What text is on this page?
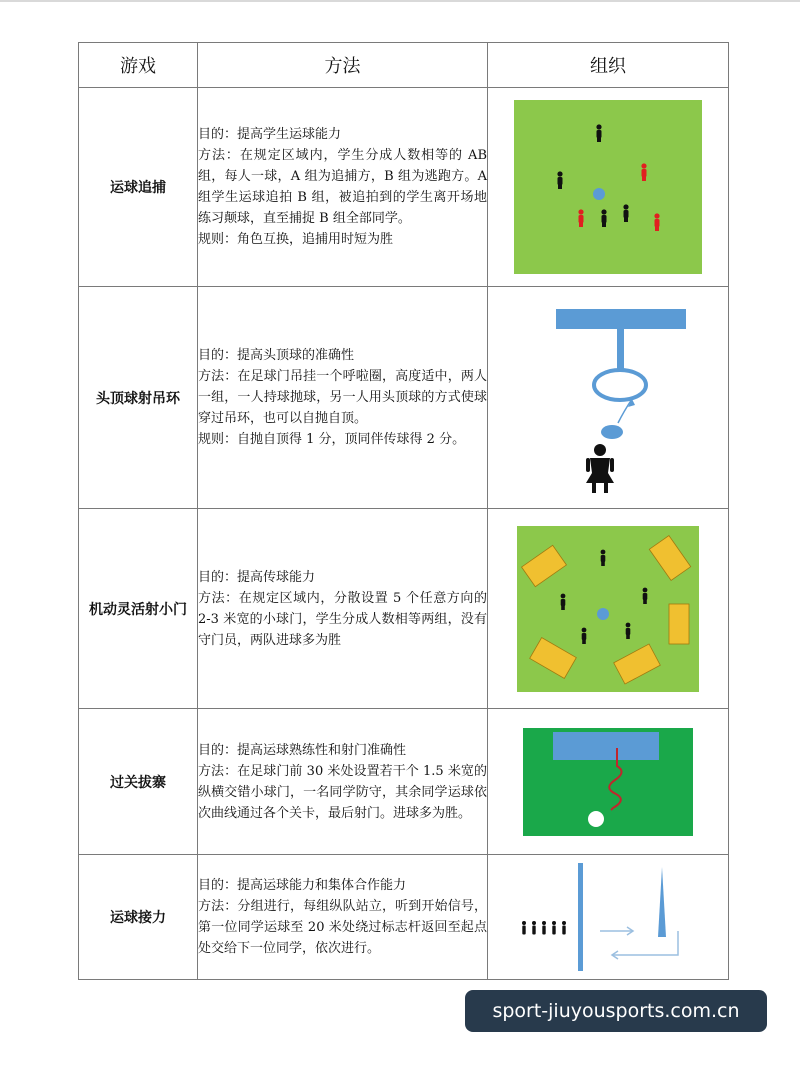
游戏	方法	组织
运球追捕	目的：提高学生运球能力

方法：在规定区域内，学生分成人数相等的 AB 组，每人一球，A 组为追捕方，B 组为逃跑方。A 组学生运球追拍 B 组，被追拍到的学生离开场地练习颠球，直至捕捉 B 组全部同学。

规则：角色互换，追捕用时短为胜

头顶球射吊环	目的：提高头顶球的准确性

方法：在足球门吊挂一个呼啦圈，高度适中，两人一组，一人持球抛球，另一人用头顶球的方式使球穿过吊环，也可以自抛自顶。

规则：自抛自顶得 1 分，顶同伴传球得 2 分。

机动灵活射小门	目的：提高传球能力

方法：在规定区域内，分散设置 5 个任意方向的 2-3 米宽的小球门，学生分成人数相等两组，没有守门员，两队进球多为胜

过关拔寨	目的：提高运球熟练性和射门准确性

方法：在足球门前 30 米处设置若干个 1.5 米宽的纵横交错小球门，一名同学防守，其余同学运球依次曲线通过各个关卡，最后射门。进球多为胜。

运球接力	目的：提高运球能力和集体合作能力

方法：分组进行，每组纵队站立，听到开始信号，第一位同学运球至 20 米处绕过标志杆返回至起点处交给下一位同学，依次进行。

sport-jiuyousports.com.cn
